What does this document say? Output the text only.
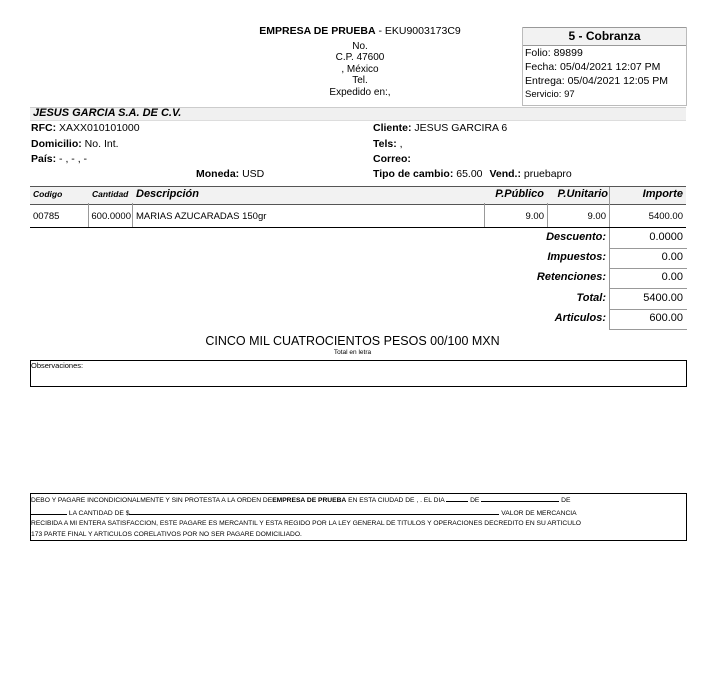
EMPRESA DE PRUEBA - EKU9003173C9
No.
C.P. 47600
, México
Tel.
Expedido en:,
5 - Cobranza
Folio: 89899
Fecha: 05/04/2021 12:07 PM
Entrega: 05/04/2021 12:05 PM
Servicio: 97
JESUS GARCIA S.A. DE C.V.
RFC: XAXX010101000
Domicilio: No. Int.
País: - , - , -
Moneda: USD
Cliente: JESUS GARCIRA 6
Tels: ,
Correo:
Tipo de cambio: 65.00 Vend.: pruebapro
Codigo	Cantidad Descripción	P.Público	P.Unitario	Importe
00785	600.0000 MARIAS AZUCARADAS 150gr	9.00	9.00	5400.00
Descuento:	0.0000
Impuestos:	0.00
Retenciones:	0.00
Total:	5400.00
Articulos:	600.00
CINCO MIL CUATROCIENTOS PESOS 00/100 MXN
Total en letra
Observaciones:
DEBO Y PAGARE INCONDICIONALMENTE Y SIN PROTESTA A LA ORDEN DEEMPRESA DE PRUEBA EN ESTA CIUDAD DE , . EL DIA	DE	DE
LA CANTIDAD DE $	VALOR DE MERCANCIA
RECIBIDA A MI ENTERA SATISFACCION, ESTE PAGARE ES MERCANTIL Y ESTA REGIDO POR LA LEY GENERAL DE TITULOS Y OPERACIONES DECREDITO EN SU ARTICULO
173 PARTE FINAL Y ARTICULOS CORELATIVOS POR NO SER PAGARE DOMICILIADO.
